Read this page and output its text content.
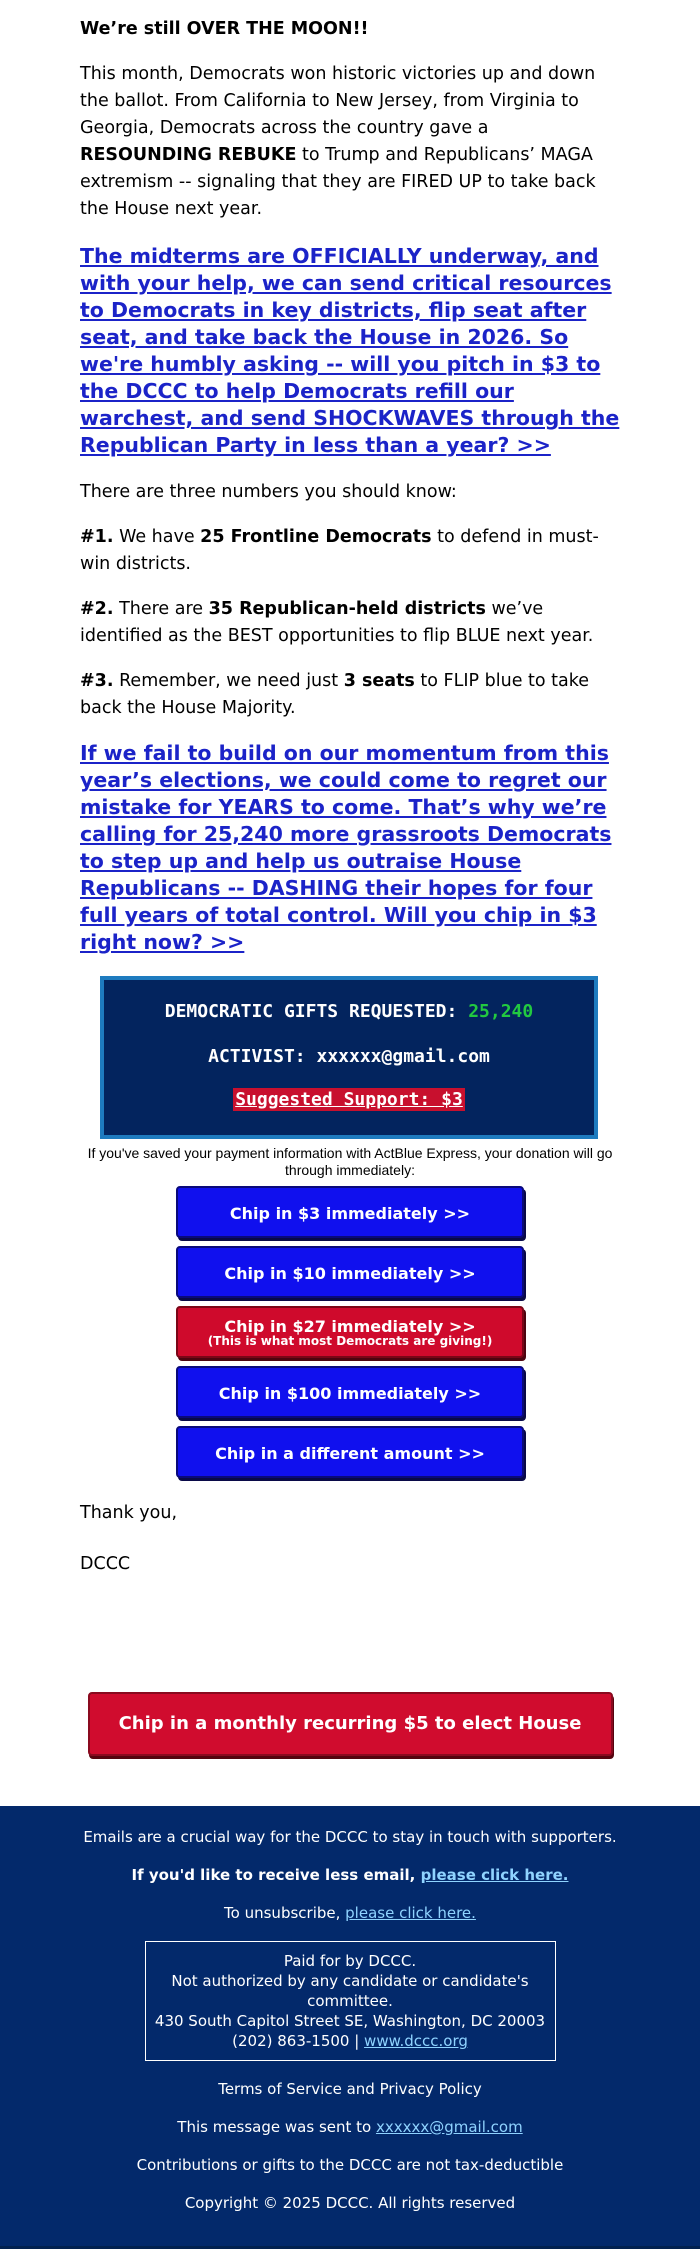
We’re still OVER THE MOON!!

This month, Democrats won historic victories up and down the ballot. From California to New Jersey, from Virginia to Georgia, Democrats across the country gave a RESOUNDING REBUKE to Trump and Republicans’ MAGA extremism -- signaling that they are FIRED UP to take back the House next year.

The midterms are OFFICIALLY underway, and with your help, we can send critical resources to Democrats in key districts, flip seat after seat, and take back the House in 2026. So we're humbly asking -- will you pitch in $3 to the DCCC to help Democrats refill our warchest, and send SHOCKWAVES through the Republican Party in less than a year? >>

There are three numbers you should know:

#1. We have 25 Frontline Democrats to defend in must-win districts.

#2. There are 35 Republican-held districts we’ve identified as the BEST opportunities to flip BLUE next year.

#3. Remember, we need just 3 seats to FLIP blue to take back the House Majority.

If we fail to build on our momentum from this year’s elections, we could come to regret our mistake for YEARS to come. That’s why we’re calling for 25,240 more grassroots Democrats to step up and help us outraise House Republicans -- DASHING their hopes for four full years of total control. Will you chip in $3 right now? >>
DEMOCRATIC GIFTS REQUESTED: 25,240
ACTIVIST: xxxxxx@gmail.com
Suggested Support: $3

If you've saved your payment information with ActBlue Express, your donation will go through immediately:

Chip in $3 immediately >>
Chip in $10 immediately >>
Chip in $27 immediately >>
(This is what most Democrats are giving!)
Chip in $100 immediately >>
Chip in a different amount >>

Thank you,

DCCC

Chip in a monthly recurring $5 to elect House Dems >>

Emails are a crucial way for the DCCC to stay in touch with supporters.

If you'd like to receive less email, please click here.

To unsubscribe, please click here.

Paid for by DCCC.

Not authorized by any candidate or candidate's committee.

430 South Capitol Street SE, Washington, DC 20003

(202) 863-1500 | www.dccc.org

Terms of Service and Privacy Policy

This message was sent to xxxxxx@gmail.com

Contributions or gifts to the DCCC are not tax-deductible

Copyright © 2025 DCCC. All rights reserved
